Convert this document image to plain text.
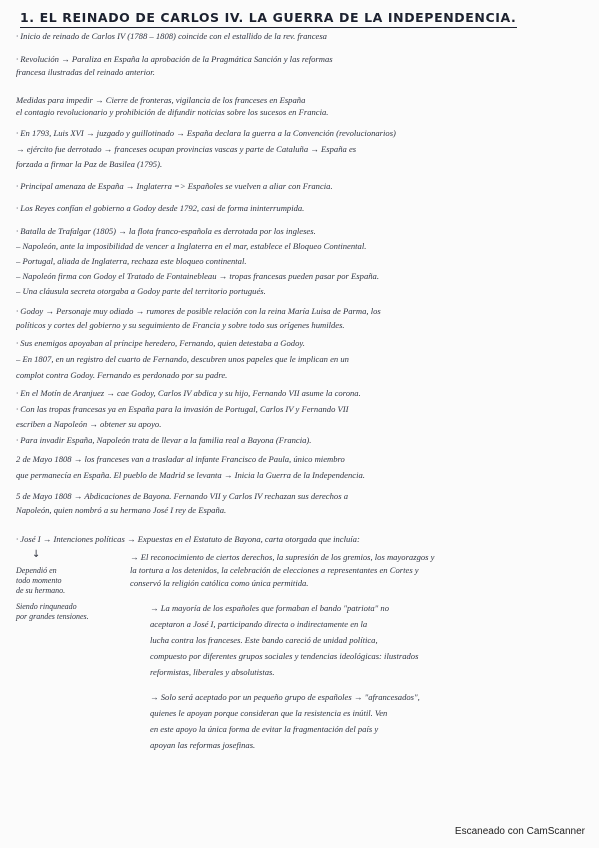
1. EL REINADO DE CARLOS IV. LA GUERRA DE LA INDEPENDENCIA.
· Inicio de reinado de Carlos IV (1788 – 1808) coincide con el estallido de la rev. francesa
· Revolución → Paraliza en España la aprobación de la Pragmática Sanción y las reformas
francesa ilustradas del reinado anterior.
Medidas para impedir → Cierre de fronteras, vigilancia de los franceses en España
el contagio revolucionario y prohibición de difundir noticias sobre los sucesos en Francia.
· En 1793, Luis XVI → juzgado y guillotinado → España declara la guerra a la Convención (revolucionarios)
→ ejército fue derrotado → franceses ocupan provincias vascas y parte de Cataluña → España es
forzada a firmar la Paz de Basilea (1795).
· Principal amenaza de España → Inglaterra => Españoles se vuelven a aliar con Francia.
· Los Reyes confían el gobierno a Godoy desde 1792, casi de forma ininterrumpida.
· Batalla de Trafalgar (1805) → la flota franco-española es derrotada por los ingleses.
– Napoleón, ante la imposibilidad de vencer a Inglaterra en el mar, establece el Bloqueo Continental.
– Portugal, aliada de Inglaterra, rechaza este bloqueo continental.
– Napoleón firma con Godoy el Tratado de Fontainebleau → tropas francesas pueden pasar por España.
– Una cláusula secreta otorgaba a Godoy parte del territorio portugués.
· Godoy → Personaje muy odiado → rumores de posible relación con la reina María Luisa de Parma, los
políticos y cortes del gobierno y su seguimiento de Francia y sobre todo sus orígenes humildes.
· Sus enemigos apoyaban al príncipe heredero, Fernando, quien detestaba a Godoy.
– En 1807, en un registro del cuarto de Fernando, descubren unos papeles que le implican en un
complot contra Godoy. Fernando es perdonado por su padre.
· En el Motín de Aranjuez → cae Godoy, Carlos IV abdica y su hijo, Fernando VII asume la corona.
· Con las tropas francesas ya en España para la invasión de Portugal, Carlos IV y Fernando VII
escriben a Napoleón → obtener su apoyo.
· Para invadir España, Napoleón trata de llevar a la familia real a Bayona (Francia).
2 de Mayo 1808 → los franceses van a trasladar al infante Francisco de Paula, único miembro
que permanecía en España. El pueblo de Madrid se levanta → Inicia la Guerra de la Independencia.
5 de Mayo 1808 → Abdicaciones de Bayona. Fernando VII y Carlos IV rechazan sus derechos a
Napoleón, quien nombró a su hermano José I rey de España.
· José I → Intenciones políticas → Expuestas en el Estatuto de Bayona, carta otorgada que incluía:
→ El reconocimiento de ciertos derechos, la supresión de los gremios, los mayorazgos y
la tortura a los detenidos, la celebración de elecciones a representantes en Cortes y
conservó la religión católica como única permitida.
↓
Dependió en
todo momento
de su hermano.
Siendo rinquneado
por grandes tensiones.
→ La mayoría de los españoles que formaban el bando "patriota" no
aceptaron a José I, participando directa o indirectamente en la
lucha contra los franceses. Este bando careció de unidad política,
compuesto por diferentes grupos sociales y tendencias ideológicas: ilustrados
reformistas, liberales y absolutistas.
→ Solo será aceptado por un pequeño grupo de españoles → "afrancesados",
quienes le apoyan porque consideran que la resistencia es inútil. Ven
en este apoyo la única forma de evitar la fragmentación del país y
apoyan las reformas josefinas.
Escaneado con CamScanner
